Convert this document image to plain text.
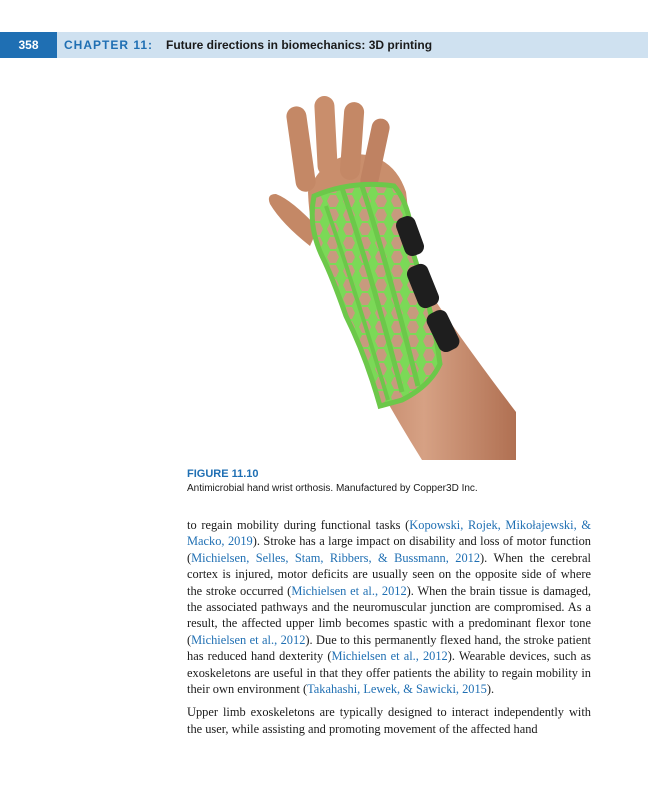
358	CHAPTER 11: Future directions in biomechanics: 3D printing
FIGURE 11.10
Antimicrobial hand wrist orthosis. Manufactured by Copper3D Inc.

to regain mobility during functional tasks (Kopowski, Rojek, Mikołajewski, & Macko, 2019). Stroke has a large impact on disability and loss of motor function (Michielsen, Selles, Stam, Ribbers, & Bussmann, 2012). When the cerebral cortex is injured, motor deficits are usually seen on the opposite side of where the stroke occurred (Michielsen et al., 2012). When the brain tissue is damaged, the associated pathways and the neuromuscular junction are compromised. As a result, the affected upper limb becomes spastic with a predominant flexor tone (Michielsen et al., 2012). Due to this permanently flexed hand, the stroke patient has reduced hand dexterity (Michielsen et al., 2012). Wearable devices, such as exoskeletons are useful in that they offer patients the ability to regain mobility in their own environment (Takahashi, Lewek, & Sawicki, 2015).

Upper limb exoskeletons are typically designed to interact independently with the user, while assisting and promoting movement of the affected hand
